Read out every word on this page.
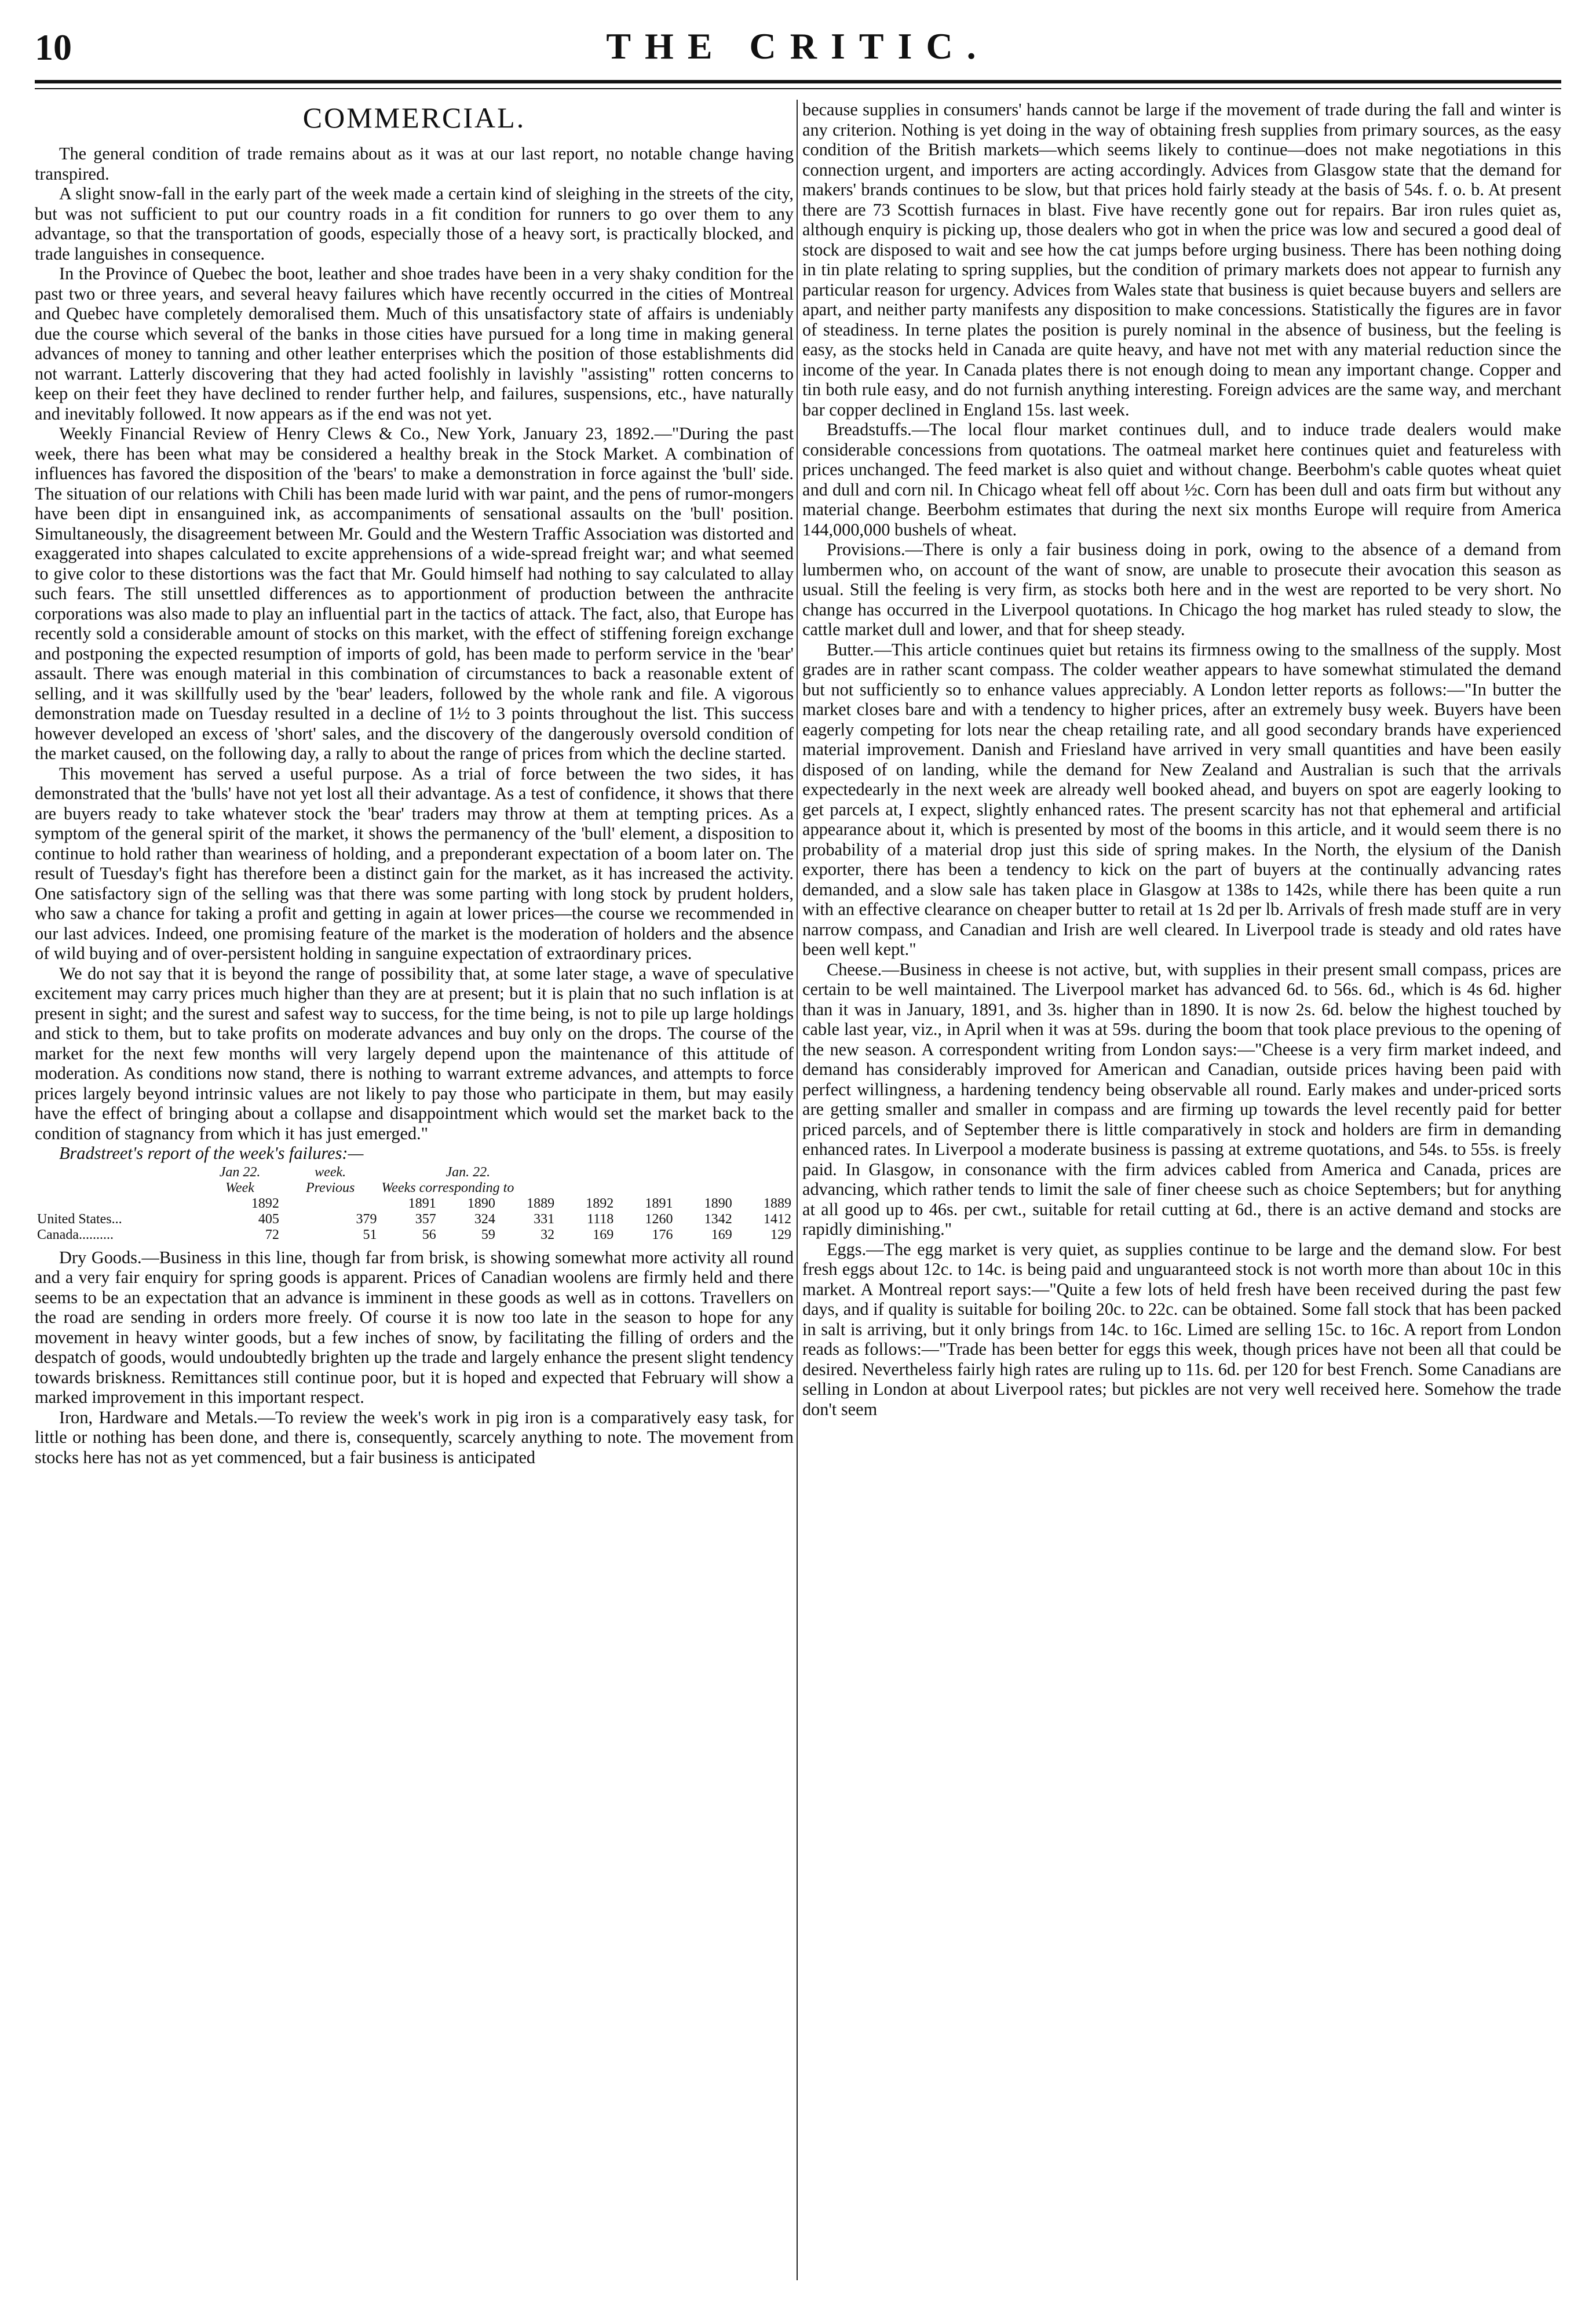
10	THE CRITIC.
COMMERCIAL.

The general condition of trade remains about as it was at our last report, no notable change having transpired.

A slight snow-fall in the early part of the week made a certain kind of sleighing in the streets of the city, but was not sufficient to put our country roads in a fit condition for runners to go over them to any advantage, so that the transportation of goods, especially those of a heavy sort, is practically blocked, and trade languishes in consequence.

In the Province of Quebec the boot, leather and shoe trades have been in a very shaky condition for the past two or three years, and several heavy failures which have recently occurred in the cities of Montreal and Quebec have completely demoralised them. Much of this unsatisfactory state of affairs is undeniably due the course which several of the banks in those cities have pursued for a long time in making general advances of money to tanning and other leather enterprises which the position of those establishments did not warrant. Latterly discovering that they had acted foolishly in lavishly "assisting" rotten concerns to keep on their feet they have declined to render further help, and failures, suspensions, etc., have naturally and inevitably followed. It now appears as if the end was not yet.

Weekly Financial Review of Henry Clews & Co., New York, January 23, 1892.—"During the past week, there has been what may be considered a healthy break in the Stock Market. A combination of influences has favored the disposition of the 'bears' to make a demonstration in force against the 'bull' side. The situation of our relations with Chili has been made lurid with war paint, and the pens of rumor-mongers have been dipt in ensanguined ink, as accompaniments of sensational assaults on the 'bull' position. Simultaneously, the disagreement between Mr. Gould and the Western Traffic Association was distorted and exaggerated into shapes calculated to excite apprehensions of a wide-spread freight war; and what seemed to give color to these distortions was the fact that Mr. Gould himself had nothing to say calculated to allay such fears. The still unsettled differences as to apportionment of production between the anthracite corporations was also made to play an influential part in the tactics of attack. The fact, also, that Europe has recently sold a considerable amount of stocks on this market, with the effect of stiffening foreign exchange and postponing the expected resumption of imports of gold, has been made to perform service in the 'bear' assault. There was enough material in this combination of circumstances to back a reasonable extent of selling, and it was skillfully used by the 'bear' leaders, followed by the whole rank and file. A vigorous demonstration made on Tuesday resulted in a decline of 1½ to 3 points throughout the list. This success however developed an excess of 'short' sales, and the discovery of the dangerously oversold condition of the market caused, on the following day, a rally to about the range of prices from which the decline started.

This movement has served a useful purpose. As a trial of force between the two sides, it has demonstrated that the 'bulls' have not yet lost all their advantage. As a test of confidence, it shows that there are buyers ready to take whatever stock the 'bear' traders may throw at them at tempting prices. As a symptom of the general spirit of the market, it shows the permanency of the 'bull' element, a disposition to continue to hold rather than weariness of holding, and a preponderant expectation of a boom later on. The result of Tuesday's fight has therefore been a distinct gain for the market, as it has increased the activity. One satisfactory sign of the selling was that there was some parting with long stock by prudent holders, who saw a chance for taking a profit and getting in again at lower prices—the course we recommended in our last advices. Indeed, one promising feature of the market is the moderation of holders and the absence of wild buying and of over-persistent holding in sanguine expectation of extraordinary prices.

We do not say that it is beyond the range of possibility that, at some later stage, a wave of speculative excitement may carry prices much higher than they are at present; but it is plain that no such inflation is at present in sight; and the surest and safest way to success, for the time being, is not to pile up large holdings and stick to them, but to take profits on moderate advances and buy only on the drops. The course of the market for the next few months will very largely depend upon the maintenance of this attitude of moderation. As conditions now stand, there is nothing to warrant extreme advances, and attempts to force prices largely beyond intrinsic values are not likely to pay those who participate in them, but may easily have the effect of bringing about a collapse and disappointment which would set the market back to the condition of stagnancy from which it has just emerged."

Bradstreet's report of the week's failures:—

	Jan 22.	week.	Jan. 22.						
	Week	Previous	Weeks corresponding to						
	1892		1891	1890	1889	1892	1891	1890	1889
United States...	405	379	357	324	331	1118	1260	1342	1412
Canada..........	72	51	56	59	32	169	176	169	129

Dry Goods.—Business in this line, though far from brisk, is showing somewhat more activity all round and a very fair enquiry for spring goods is apparent. Prices of Canadian woolens are firmly held and there seems to be an expectation that an advance is imminent in these goods as well as in cottons. Travellers on the road are sending in orders more freely. Of course it is now too late in the season to hope for any movement in heavy winter goods, but a few inches of snow, by facilitating the filling of orders and the despatch of goods, would undoubtedly brighten up the trade and largely enhance the present slight tendency towards briskness. Remittances still continue poor, but it is hoped and expected that February will show a marked improvement in this important respect.

Iron, Hardware and Metals.—To review the week's work in pig iron is a comparatively easy task, for little or nothing has been done, and there is, consequently, scarcely anything to note. The movement from stocks here has not as yet commenced, but a fair business is anticipated

because supplies in consumers' hands cannot be large if the movement of trade during the fall and winter is any criterion. Nothing is yet doing in the way of obtaining fresh supplies from primary sources, as the easy condition of the British markets—which seems likely to continue—does not make negotiations in this connection urgent, and importers are acting accordingly. Advices from Glasgow state that the demand for makers' brands continues to be slow, but that prices hold fairly steady at the basis of 54s. f. o. b. At present there are 73 Scottish furnaces in blast. Five have recently gone out for repairs. Bar iron rules quiet as, although enquiry is picking up, those dealers who got in when the price was low and secured a good deal of stock are disposed to wait and see how the cat jumps before urging business. There has been nothing doing in tin plate relating to spring supplies, but the condition of primary markets does not appear to furnish any particular reason for urgency. Advices from Wales state that business is quiet because buyers and sellers are apart, and neither party manifests any disposition to make concessions. Statistically the figures are in favor of steadiness. In terne plates the position is purely nominal in the absence of business, but the feeling is easy, as the stocks held in Canada are quite heavy, and have not met with any material reduction since the income of the year. In Canada plates there is not enough doing to mean any important change. Copper and tin both rule easy, and do not furnish anything interesting. Foreign advices are the same way, and merchant bar copper declined in England 15s. last week.

Breadstuffs.—The local flour market continues dull, and to induce trade dealers would make considerable concessions from quotations. The oatmeal market here continues quiet and featureless with prices unchanged. The feed market is also quiet and without change. Beerbohm's cable quotes wheat quiet and dull and corn nil. In Chicago wheat fell off about ½c. Corn has been dull and oats firm but without any material change. Beerbohm estimates that during the next six months Europe will require from America 144,000,000 bushels of wheat.

Provisions.—There is only a fair business doing in pork, owing to the absence of a demand from lumbermen who, on account of the want of snow, are unable to prosecute their avocation this season as usual. Still the feeling is very firm, as stocks both here and in the west are reported to be very short. No change has occurred in the Liverpool quotations. In Chicago the hog market has ruled steady to slow, the cattle market dull and lower, and that for sheep steady.

Butter.—This article continues quiet but retains its firmness owing to the smallness of the supply. Most grades are in rather scant compass. The colder weather appears to have somewhat stimulated the demand but not sufficiently so to enhance values appreciably. A London letter reports as follows:—"In butter the market closes bare and with a tendency to higher prices, after an extremely busy week. Buyers have been eagerly competing for lots near the cheap retailing rate, and all good secondary brands have experienced material improvement. Danish and Friesland have arrived in very small quantities and have been easily disposed of on landing, while the demand for New Zealand and Australian is such that the arrivals expectedearly in the next week are already well booked ahead, and buyers on spot are eagerly looking to get parcels at, I expect, slightly enhanced rates. The present scarcity has not that ephemeral and artificial appearance about it, which is presented by most of the booms in this article, and it would seem there is no probability of a material drop just this side of spring makes. In the North, the elysium of the Danish exporter, there has been a tendency to kick on the part of buyers at the continually advancing rates demanded, and a slow sale has taken place in Glasgow at 138s to 142s, while there has been quite a run with an effective clearance on cheaper butter to retail at 1s 2d per lb. Arrivals of fresh made stuff are in very narrow compass, and Canadian and Irish are well cleared. In Liverpool trade is steady and old rates have been well kept."

Cheese.—Business in cheese is not active, but, with supplies in their present small compass, prices are certain to be well maintained. The Liverpool market has advanced 6d. to 56s. 6d., which is 4s 6d. higher than it was in January, 1891, and 3s. higher than in 1890. It is now 2s. 6d. below the highest touched by cable last year, viz., in April when it was at 59s. during the boom that took place previous to the opening of the new season. A correspondent writing from London says:—"Cheese is a very firm market indeed, and demand has considerably improved for American and Canadian, outside prices having been paid with perfect willingness, a hardening tendency being observable all round. Early makes and under-priced sorts are getting smaller and smaller in compass and are firming up towards the level recently paid for better priced parcels, and of September there is little comparatively in stock and holders are firm in demanding enhanced rates. In Liverpool a moderate business is passing at extreme quotations, and 54s. to 55s. is freely paid. In Glasgow, in consonance with the firm advices cabled from America and Canada, prices are advancing, which rather tends to limit the sale of finer cheese such as choice Septembers; but for anything at all good up to 46s. per cwt., suitable for retail cutting at 6d., there is an active demand and stocks are rapidly diminishing."

Eggs.—The egg market is very quiet, as supplies continue to be large and the demand slow. For best fresh eggs about 12c. to 14c. is being paid and unguaranteed stock is not worth more than about 10c in this market. A Montreal report says:—"Quite a few lots of held fresh have been received during the past few days, and if quality is suitable for boiling 20c. to 22c. can be obtained. Some fall stock that has been packed in salt is arriving, but it only brings from 14c. to 16c. Limed are selling 15c. to 16c. A report from London reads as follows:—"Trade has been better for eggs this week, though prices have not been all that could be desired. Nevertheless fairly high rates are ruling up to 11s. 6d. per 120 for best French. Some Canadians are selling in London at about Liverpool rates; but pickles are not very well received here. Somehow the trade don't seem
